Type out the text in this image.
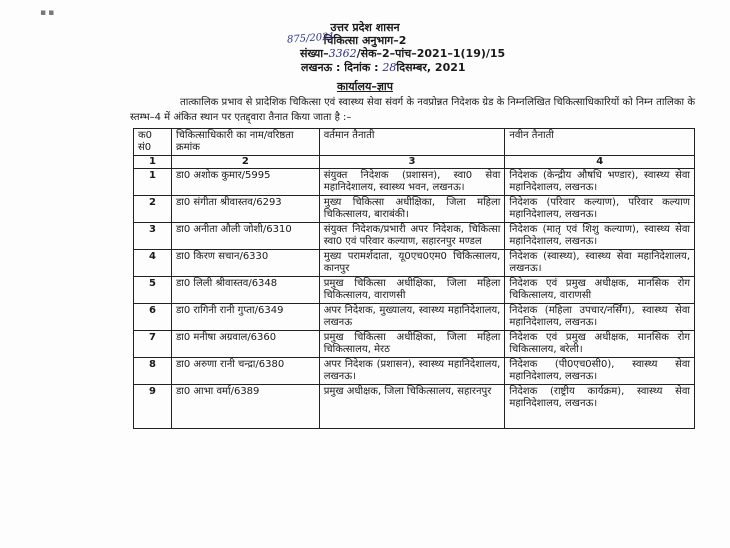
▪▪
उत्तर प्रदेश शासन
चिकित्सा अनुभाग–2
875/2021
संख्या–3362/सेक–2–पांच–2021–1(19)/15
लखनऊ : दिनांक : 28दिसम्बर, 2021
कार्यालय–ज्ञाप

तात्कालिक प्रभाव से प्रादेशिक चिकित्सा एवं स्वास्थ्य सेवा संवर्ग के नवप्रोन्नत निदेशक ग्रेड के निम्नलिखित चिकित्साधिकारियों को निम्न तालिका के स्तम्भ–4 में अंकित स्थान पर एतद्द्वारा तैनात किया जाता है :–

क0 सं0	चिकित्साधिकारी का नाम/वरिष्ठता क्रमांक	वर्तमान तैनाती	नवीन तैनाती
1	2	3	4
1	डा0 अशोक कुमार/5995	संयुक्त निदेशक (प्रशासन), स्वा0 सेवा महानिदेशालय, स्वास्थ्य भवन, लखनऊ।	निदेशक (केन्द्रीय औषधि भण्डार), स्वास्थ्य सेवा महानिदेशालय, लखनऊ।
2	डा0 संगीता श्रीवास्तव/6293	मुख्य चिकित्सा अधीक्षिका, जिला महिला चिकित्सालय, बाराबंकी।	निदेशक (परिवार कल्याण), परिवार कल्याण महानिदेशालय, लखनऊ।
3	डा0 अनीता औली जोशी/6310	संयुक्त निदेशक/प्रभारी अपर निदेशक, चिकित्सा स्वा0 एवं परिवार कल्याण, सहारनपुर मण्डल	निदेशक (मातृ एवं शिशु कल्याण), स्वास्थ्य सेवा महानिदेशालय, लखनऊ।
4	डा0 किरण सचान/6330	मुख्य परामर्शदाता, यू0एच0एम0 चिकित्सालय, कानपुर	निदेशक (स्वास्थ्य), स्वास्थ्य सेवा महानिदेशालय, लखनऊ।
5	डा0 लिली श्रीवास्तव/6348	प्रमुख चिकित्सा अधीक्षिका, जिला महिला चिकित्सालय, वाराणसी	निदेशक एवं प्रमुख अधीक्षक, मानसिक रोग चिकित्सालय, वाराणसी
6	डा0 रागिनी रानी गुप्ता/6349	अपर निदेशक, मुख्यालय, स्वास्थ्य महानिदेशालय, लखनऊ	निदेशक (महिला उपचार/नर्सिंग), स्वास्थ्य सेवा महानिदेशालय, लखनऊ।
7	डा0 मनीषा अग्रवाल/6360	प्रमुख चिकित्सा अधीक्षिका, जिला महिला चिकित्सालय, मेरठ	निदेशक एवं प्रमुख अधीक्षक, मानसिक रोग चिकित्सालय, बरेली।
8	डा0 अरुणा रानी चन्द्रा/6380	अपर निदेशक (प्रशासन), स्वास्थ्य महानिदेशालय, लखनऊ।	निदेशक (पी0एच0सी0), स्वास्थ्य सेवा महानिदेशालय, लखनऊ।
9	डा0 आभा वर्मा/6389	प्रमुख अधीक्षक, जिला चिकित्सालय, सहारनपुर	निदेशक (राष्ट्रीय कार्यक्रम), स्वास्थ्य सेवा महानिदेशालय, लखनऊ।
